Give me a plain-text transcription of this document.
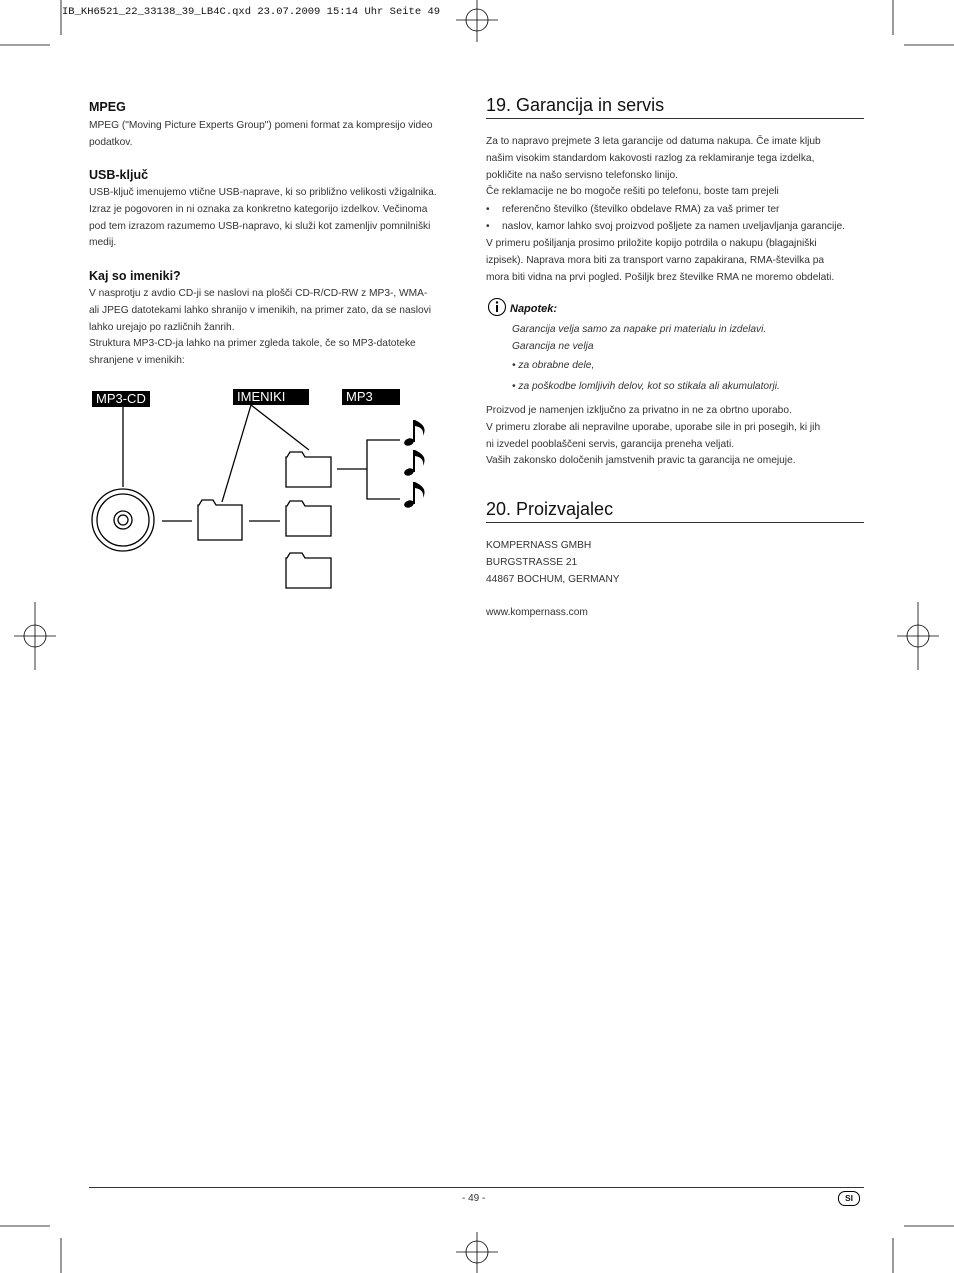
IB_KH6521_22_33138_39_LB4C.qxd 23.07.2009 15:14 Uhr Seite 49
MPEG
MPEG ("Moving Picture Experts Group") pomeni format za kompresijo video
podatkov.
USB-ključ
USB-ključ imenujemo vtične USB-naprave, ki so približno velikosti vžigalnika.
Izraz je pogovoren in ni oznaka za konkretno kategorijo izdelkov. Večinoma
pod tem izrazom razumemo USB-napravo, ki služi kot zamenljiv pomnilniški
medij.
Kaj so imeniki?
V nasprotju z avdio CD-ji se naslovi na plošči CD-R/CD-RW z MP3-, WMA-
ali JPEG datotekami lahko shranijo v imenikih, na primer zato, da se naslovi
lahko urejajo po različnih žanrih.
Struktura MP3-CD-ja lahko na primer zgleda takole, če so MP3-datoteke
shranjene v imenikih:
MP3-CD	IMENIKI	MP3
19. Garancija in servis
Za to napravo prejmete 3 leta garancije od datuma nakupa. Če imate kljub
našim visokim standardom kakovosti razlog za reklamiranje tega izdelka,
pokličite na našo servisno telefonsko linijo.
Če reklamacije ne bo mogoče rešiti po telefonu, boste tam prejeli
• referenčno številko (številko obdelave RMA) za vaš primer ter
• naslov, kamor lahko svoj proizvod pošljete za namen uveljavljanja garancije.
V primeru pošiljanja prosimo priložite kopijo potrdila o nakupu (blagajniški
izpisek). Naprava mora biti za transport varno zapakirana, RMA-številka pa
mora biti vidna na prvi pogled. Pošiljk brez številke RMA ne moremo obdelati.
Napotek:
Garancija velja samo za napake pri materialu in izdelavi.
Garancija ne velja
• za obrabne dele,
• za poškodbe lomljivih delov, kot so stikala ali akumulatorji.
Proizvod je namenjen izključno za privatno in ne za obrtno uporabo.
V primeru zlorabe ali nepravilne uporabe, uporabe sile in pri posegih, ki jih
ni izvedel pooblaščeni servis, garancija preneha veljati.
Vaših zakonsko določenih jamstvenih pravic ta garancija ne omejuje.
20. Proizvajalec
KOMPERNASS GMBH
BURGSTRASSE 21
44867 BOCHUM, GERMANY
www.kompernass.com
- 49 -	SI
